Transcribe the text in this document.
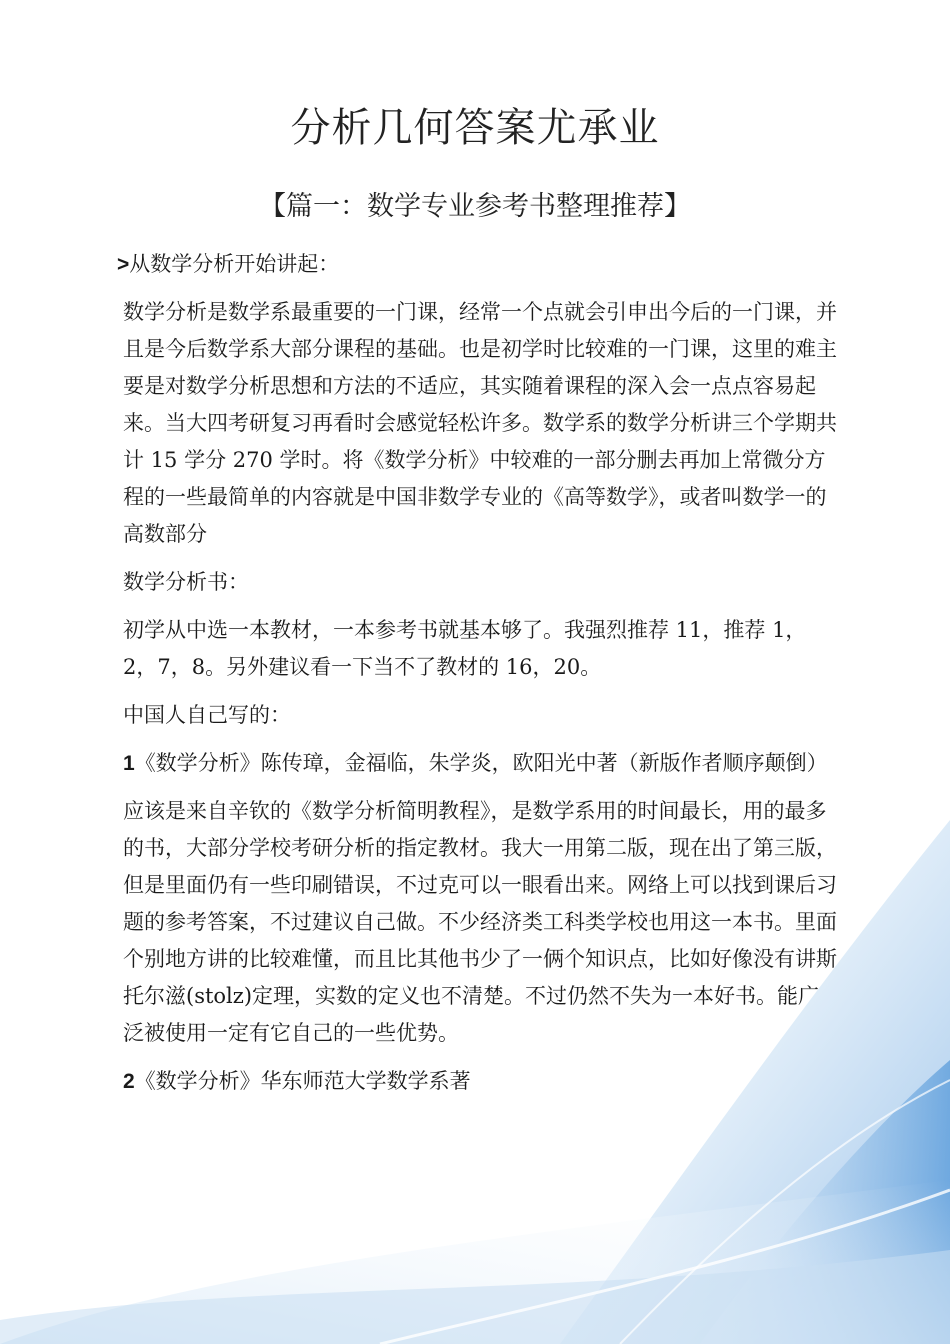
分析几何答案尤承业
【篇一：数学专业参考书整理推荐】

>从数学分析开始讲起：

数学分析是数学系最重要的一门课，经常一个点就会引申出今后的一门课，并且是今后数学系大部分课程的基础。也是初学时比较难的一门课，这里的难主要是对数学分析思想和方法的不适应，其实随着课程的深入会一点点容易起来。当大四考研复习再看时会感觉轻松许多。数学系的数学分析讲三个学期共计 15 学分 270 学时。将《数学分析》中较难的一部分删去再加上常微分方程的一些最简单的内容就是中国非数学专业的《高等数学》，或者叫数学一的高数部分

数学分析书：

初学从中选一本教材，一本参考书就基本够了。我强烈推荐 11，推荐 1，2，7，8。另外建议看一下当不了教材的 16，20。

中国人自己写的：

1《数学分析》陈传璋，金福临，朱学炎，欧阳光中著（新版作者顺序颠倒）

应该是来自辛钦的《数学分析简明教程》，是数学系用的时间最长，用的最多的书，大部分学校考研分析的指定教材。我大一用第二版，现在出了第三版，但是里面仍有一些印刷错误，不过克可以一眼看出来。网络上可以找到课后习题的参考答案，不过建议自己做。不少经济类工科类学校也用这一本书。里面个别地方讲的比较难懂，而且比其他书少了一俩个知识点，比如好像没有讲斯托尔滋(stolz)定理，实数的定义也不清楚。不过仍然不失为一本好书。能广泛被使用一定有它自己的一些优势。

2《数学分析》华东师范大学数学系著
